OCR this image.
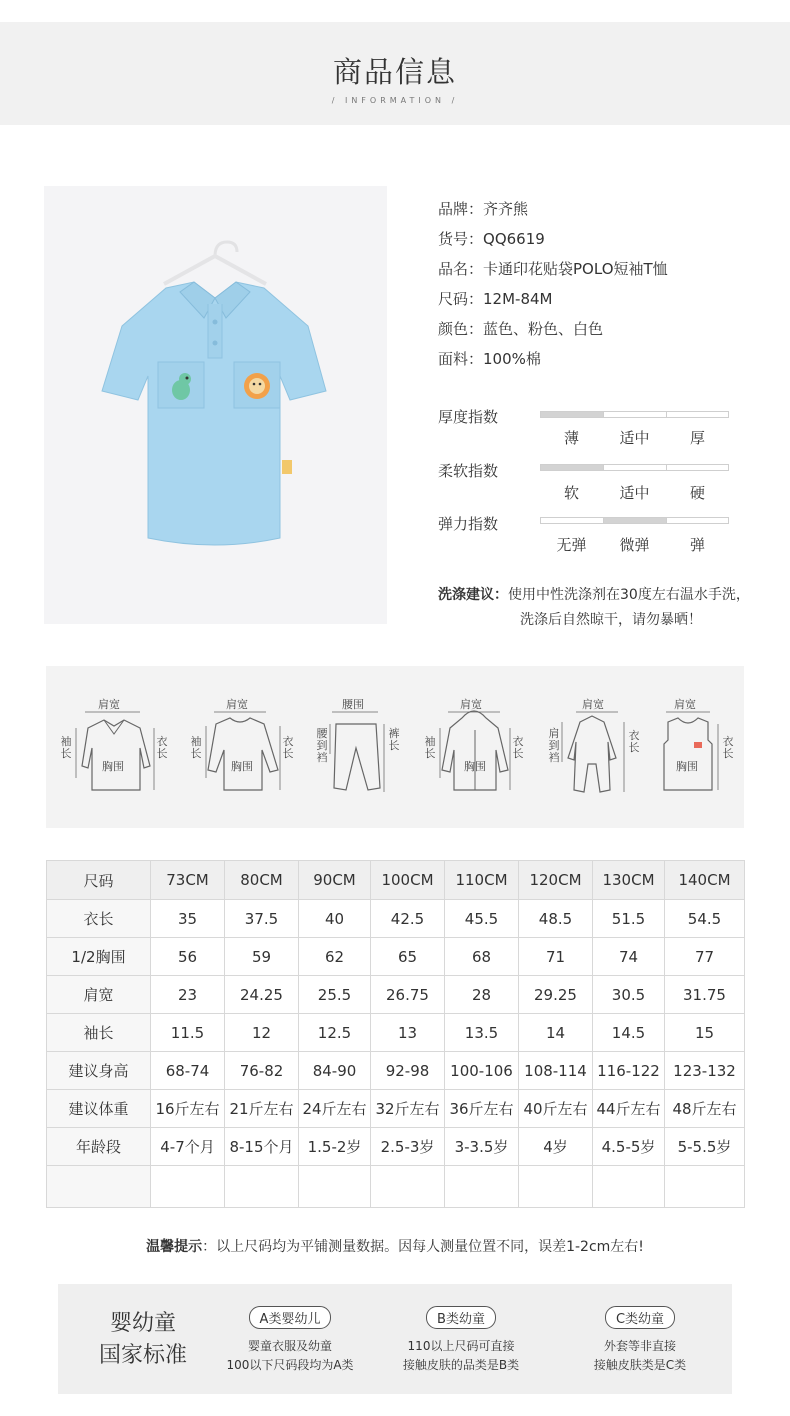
商品信息
/ INFORMATION /
品牌：齐齐熊
货号：QQ6619
品名：卡通印花贴袋POLO短袖T恤
尺码：12M-84M
颜色：蓝色、粉色、白色
面料：100%棉
厚度指数
薄	适中	厚
柔软指数
软	适中	硬
弹力指数
无弹	微弹	弹
洗涤建议：使用中性洗涤剂在30度左右温水手洗，
洗涤后自然晾干，请勿暴晒！
肩宽
袖长
衣长
胸围
肩宽
袖长
衣长
胸围
腰围
腰到裆
裤长
肩宽
袖长
衣长
胸围
肩宽
肩到裆
衣长
肩宽
衣长
胸围
尺码	73CM	80CM	90CM	100CM	110CM	120CM	130CM	140CM
衣长	35	37.5	40	42.5	45.5	48.5	51.5	54.5
1/2胸围	56	59	62	65	68	71	74	77
肩宽	23	24.25	25.5	26.75	28	29.25	30.5	31.75
袖长	11.5	12	12.5	13	13.5	14	14.5	15
建议身高	68-74	76-82	84-90	92-98	100-106	108-114	116-122	123-132
建议体重	16斤左右	21斤左右	24斤左右	32斤左右	36斤左右	40斤左右	44斤左右	48斤左右
年龄段	4-7个月	8-15个月	1.5-2岁	2.5-3岁	3-3.5岁	4岁	4.5-5岁	5-5.5岁

温馨提示：以上尺码均为平铺测量数据。因每人测量位置不同，误差1-2cm左右!
婴幼童
国家标准
A类婴幼儿
婴童衣服及幼童
100以下尺码段均为A类
B类幼童
110以上尺码可直接
接触皮肤的品类是B类
C类幼童
外套等非直接
接触皮肤类是C类
